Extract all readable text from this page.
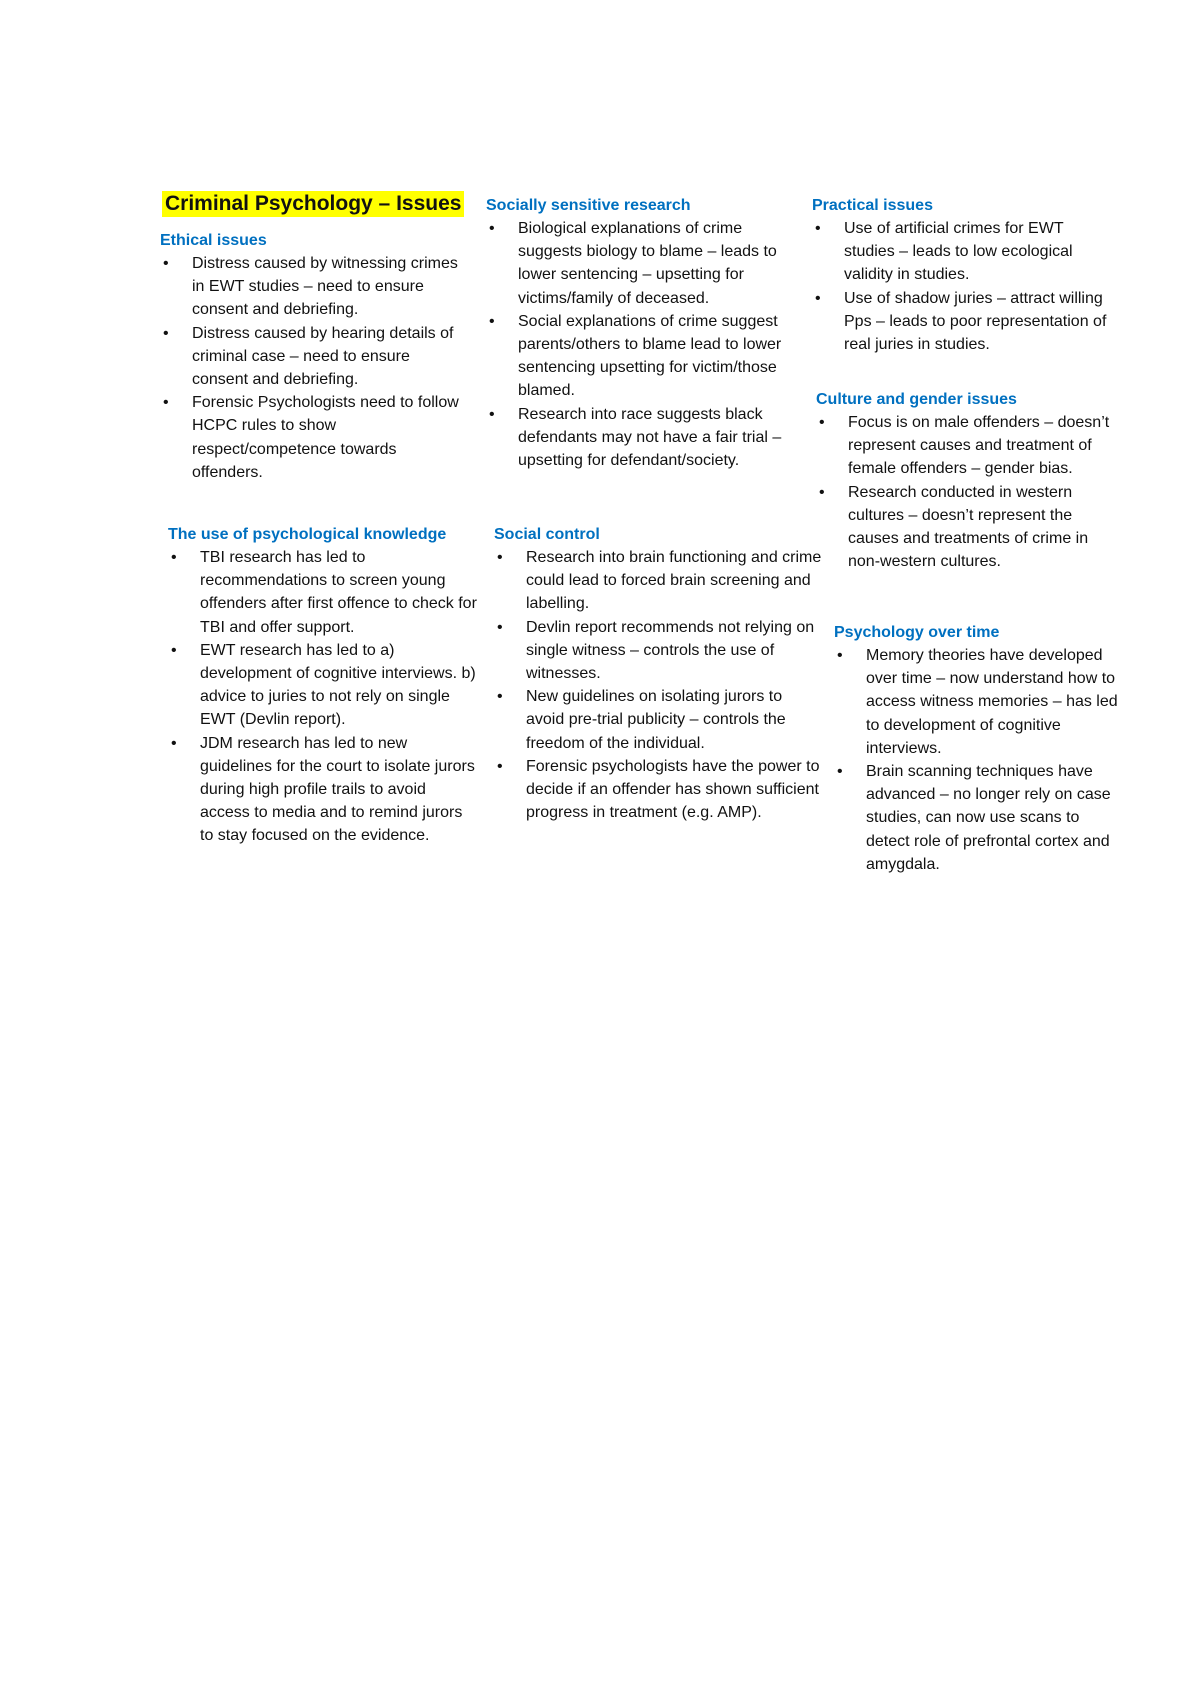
Criminal Psychology – Issues
Ethical issues
• Distress caused by witnessing crimes in EWT studies – need to ensure consent and debriefing.
• Distress caused by hearing details of criminal case – need to ensure consent and debriefing.
• Forensic Psychologists need to follow HCPC rules to show respect/competence towards offenders.
The use of psychological knowledge
• TBI research has led to recommendations to screen young offenders after first offence to check for TBI and offer support.
• EWT research has led to a) development of cognitive interviews. b) advice to juries to not rely on single EWT (Devlin report).
• JDM research has led to new guidelines for the court to isolate jurors during high profile trails to avoid access to media and to remind jurors to stay focused on the evidence.
Socially sensitive research
• Biological explanations of crime suggests biology to blame – leads to lower sentencing – upsetting for victims/family of deceased.
• Social explanations of crime suggest parents/others to blame lead to lower sentencing upsetting for victim/those blamed.
• Research into race suggests black defendants may not have a fair trial – upsetting for defendant/society.
Social control
• Research into brain functioning and crime could lead to forced brain screening and labelling.
• Devlin report recommends not relying on single witness – controls the use of witnesses.
• New guidelines on isolating jurors to avoid pre-trial publicity – controls the freedom of the individual.
• Forensic psychologists have the power to decide if an offender has shown sufficient progress in treatment (e.g. AMP).
Practical issues
• Use of artificial crimes for EWT studies – leads to low ecological validity in studies.
• Use of shadow juries – attract willing Pps – leads to poor representation of real juries in studies.
Culture and gender issues
• Focus is on male offenders – doesn’t represent causes and treatment of female offenders – gender bias.
• Research conducted in western cultures – doesn’t represent the causes and treatments of crime in non-western cultures.
Psychology over time
• Memory theories have developed over time – now understand how to access witness memories – has led to development of cognitive interviews.
• Brain scanning techniques have advanced – no longer rely on case studies, can now use scans to detect role of prefrontal cortex and amygdala.
